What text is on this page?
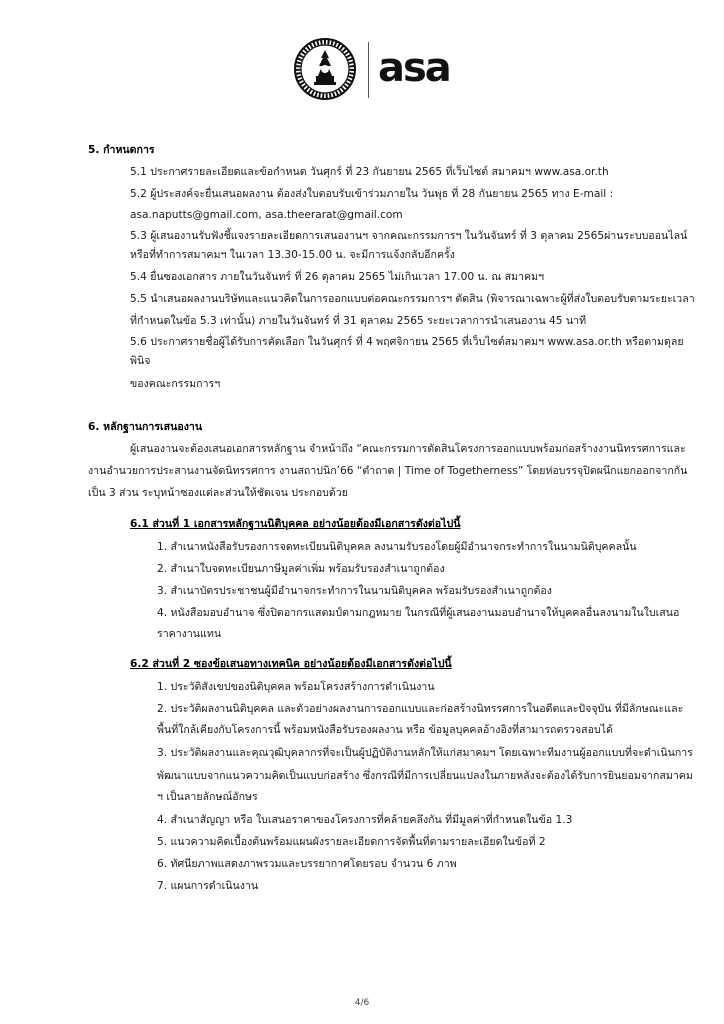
asa
5. กำหนดการ
5.1 ประกาศรายละเอียดและข้อกำหนด วันศุกร์ ที่ 23 กันยายน 2565 ที่เว็บไซต์ สมาคมฯ www.asa.or.th
5.2 ผู้ประสงค์จะยื่นเสนอผลงาน ต้องส่งใบตอบรับเข้าร่วมภายใน วันพุธ ที่ 28 กันยายน 2565 ทาง E-mail :
asa.naputts@gmail.com, asa.theerarat@gmail.com
5.3 ผู้เสนองานรับฟังชี้แจงรายละเอียดการเสนองานฯ จากคณะกรรมการฯ ในวันจันทร์ ที่ 3 ตุลาคม 2565ผ่านระบบออนไลน์
หรือที่ทำการสมาคมฯ ในเวลา 13.30-15.00 น. จะมีการแจ้งกลับอีกครั้ง
5.4 ยื่นซองเอกสาร ภายในวันจันทร์ ที่ 26 ตุลาคม 2565 ไม่เกินเวลา 17.00 น. ณ สมาคมฯ
5.5 นำเสนอผลงานบริษัทและแนวคิดในการออกแบบต่อคณะกรรมการฯ ตัดสิน (พิจารณาเฉพาะผู้ที่ส่งใบตอบรับตามระยะเวลา
ที่กำหนดในข้อ 5.3 เท่านั้น) ภายในวันจันทร์ ที่ 31 ตุลาคม 2565 ระยะเวลาการนำเสนองาน 45 นาที
5.6 ประกาศรายชื่อผู้ได้รับการคัดเลือก ในวันศุกร์ ที่ 4 พฤศจิกายน 2565 ที่เว็บไซต์สมาคมฯ www.asa.or.th หรือตามดุลย
พินิจ
ของคณะกรรมการฯ
6. หลักฐานการเสนองาน
ผู้เสนองานจะต้องเสนอเอกสารหลักฐาน จำหน้าถึง “คณะกรรมการตัดสินโครงการออกแบบพร้อมก่อสร้างงานนิทรรศการและ
งานอำนวยการประสานงานจัดนิทรรศการ งานสถาปนิก’66 “ตำถาด | Time of Togetherness” โดยห่อบรรจุปิดผนึกแยกออกจากกัน
เป็น 3 ส่วน ระบุหน้าซองแต่ละส่วนให้ชัดเจน ประกอบด้วย
6.1 ส่วนที่ 1 เอกสารหลักฐานนิติบุคคล อย่างน้อยต้องมีเอกสารดังต่อไปนี้
1. สำเนาหนังสือรับรองการจดทะเบียนนิติบุคคล ลงนามรับรองโดยผู้มีอำนาจกระทำการในนามนิติบุคคลนั้น
2. สำเนาใบจดทะเบียนภาษีมูลค่าเพิ่ม พร้อมรับรองสำเนาถูกต้อง
3. สำเนาบัตรประชาชนผู้มีอำนาจกระทำการในนามนิติบุคคล พร้อมรับรองสำเนาถูกต้อง
4. หนังสือมอบอำนาจ ซึ่งปิดอากรแสตมป์ตามกฎหมาย ในกรณีที่ผู้เสนองานมอบอำนาจให้บุคคลอื่นลงนามในใบเสนอ
ราคางานแทน
6.2 ส่วนที่ 2 ซองข้อเสนอทางเทคนิค อย่างน้อยต้องมีเอกสารดังต่อไปนี้
1. ประวัติสังเขปของนิติบุคคล พร้อมโครงสร้างการดำเนินงาน
2. ประวัติผลงานนิติบุคคล และตัวอย่างผลงานการออกแบบและก่อสร้างนิทรรศการในอดีตและปัจจุบัน ที่มีลักษณะและ
พื้นที่ใกล้เคียงกับโครงการนี้ พร้อมหนังสือรับรองผลงาน หรือ ข้อมูลบุคคลอ้างอิงที่สามารถตรวจสอบได้
3. ประวัติผลงานและคุณวุฒิบุคลากรที่จะเป็นผู้ปฏิบัติงานหลักให้แก่สมาคมฯ โดยเฉพาะทีมงานผู้ออกแบบที่จะดำเนินการ
พัฒนาแบบจากแนวความคิดเป็นแบบก่อสร้าง ซึ่งกรณีที่มีการเปลี่ยนแปลงในภายหลังจะต้องได้รับการยินยอมจากสมาคม
ฯ เป็นลายลักษณ์อักษร
4. สำเนาสัญญา หรือ ใบเสนอราคาของโครงการที่คล้ายคลึงกัน ที่มีมูลค่าที่กำหนดในข้อ 1.3
5. แนวความคิดเบื้องต้นพร้อมแผนผังรายละเอียดการจัดพื้นที่ตามรายละเอียดในข้อที่ 2
6. ทัศนียภาพแสดงภาพรวมและบรรยากาศโดยรอบ จำนวน 6 ภาพ
7. แผนการดำเนินงาน
4/6
